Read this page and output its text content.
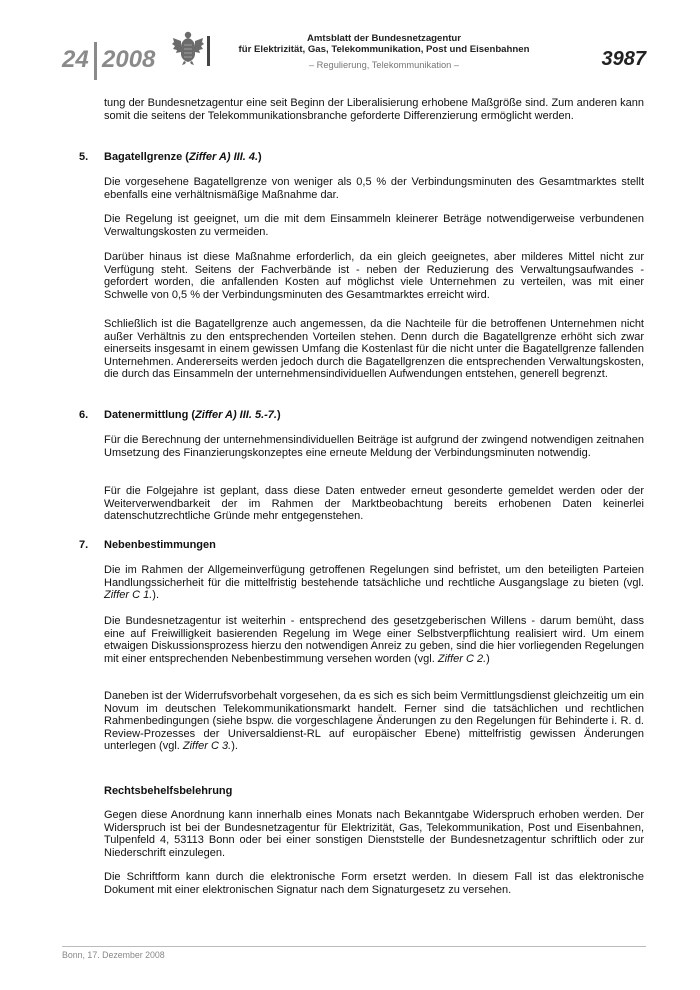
24 2008
Amtsblatt der Bundesnetzagentur
für Elektrizität, Gas, Telekommunikation, Post und Eisenbahnen
– Regulierung, Telekommunikation –	3987

tung der Bundesnetzagentur eine seit Beginn der Liberalisierung erhobene Maßgröße sind. Zum anderen kann somit die seitens der Telekommunikationsbranche geforderte Differenzierung ermöglicht werden.

5. Bagatellgrenze (Ziffer A) III. 4.)

Die vorgesehene Bagatellgrenze von weniger als 0,5 % der Verbindungsminuten des Gesamtmarktes stellt ebenfalls eine verhältnismäßige Maßnahme dar.

Die Regelung ist geeignet, um die mit dem Einsammeln kleinerer Beträge notwendigerweise verbundenen Verwaltungskosten zu vermeiden.

Darüber hinaus ist diese Maßnahme erforderlich, da ein gleich geeignetes, aber milderes Mittel nicht zur Verfügung steht. Seitens der Fachverbände ist - neben der Reduzierung des Verwaltungsaufwandes - gefordert worden, die anfallenden Kosten auf möglichst viele Unternehmen zu verteilen, was mit einer Schwelle von 0,5 % der Verbindungsminuten des Gesamtmarktes erreicht wird.

Schließlich ist die Bagatellgrenze auch angemessen, da die Nachteile für die betroffenen Unternehmen nicht außer Verhältnis zu den entsprechenden Vorteilen stehen. Denn durch die Bagatellgrenze erhöht sich zwar einerseits insgesamt in einem gewissen Umfang die Kostenlast für die nicht unter die Bagatellgrenze fallenden Unternehmen. Andererseits werden jedoch durch die Bagatellgrenzen die entsprechenden Verwaltungskosten, die durch das Einsammeln der unternehmensindividuellen Aufwendungen entstehen, generell begrenzt.

6. Datenermittlung (Ziffer A) III. 5.-7.)

Für die Berechnung der unternehmensindividuellen Beiträge ist aufgrund der zwingend notwendigen zeitnahen Umsetzung des Finanzierungskonzeptes eine erneute Meldung der Verbindungsminuten notwendig.

Für die Folgejahre ist geplant, dass diese Daten entweder erneut gesonderte gemeldet werden oder der Weiterverwendbarkeit der im Rahmen der Marktbeobachtung bereits erhobenen Daten keinerlei datenschutzrechtliche Gründe mehr entgegenstehen.

7. Nebenbestimmungen

Die im Rahmen der Allgemeinverfügung getroffenen Regelungen sind befristet, um den beteiligten Parteien Handlungssicherheit für die mittelfristig bestehende tatsächliche und rechtliche Ausgangslage zu bieten (vgl. Ziffer C 1.).

Die Bundesnetzagentur ist weiterhin - entsprechend des gesetzgeberischen Willens - darum bemüht, dass eine auf Freiwilligkeit basierenden Regelung im Wege einer Selbstverpflichtung realisiert wird. Um einem etwaigen Diskussionsprozess hierzu den notwendigen Anreiz zu geben, sind die hier vorliegenden Regelungen mit einer entsprechenden Nebenbestimmung versehen worden (vgl. Ziffer C 2.)

Daneben ist der Widerrufsvorbehalt vorgesehen, da es sich es sich beim Vermittlungsdienst gleichzeitig um ein Novum im deutschen Telekommunikationsmarkt handelt. Ferner sind die tatsächlichen und rechtlichen Rahmenbedingungen (siehe bspw. die vorgeschlagene Änderungen zu den Regelungen für Behinderte i. R. d. Review-Prozesses der Universaldienst-RL auf europäischer Ebene) mittelfristig gewissen Änderungen unterlegen (vgl. Ziffer C 3.).

Rechtsbehelfsbelehrung

Gegen diese Anordnung kann innerhalb eines Monats nach Bekanntgabe Widerspruch erhoben werden. Der Widerspruch ist bei der Bundesnetzagentur für Elektrizität, Gas, Telekommunikation, Post und Eisenbahnen, Tulpenfeld 4, 53113 Bonn oder bei einer sonstigen Dienststelle der Bundesnetzagentur schriftlich oder zur Niederschrift einzulegen.

Die Schriftform kann durch die elektronische Form ersetzt werden. In diesem Fall ist das elektronische Dokument mit einer elektronischen Signatur nach dem Signaturgesetz zu versehen.

Bonn, 17. Dezember 2008
